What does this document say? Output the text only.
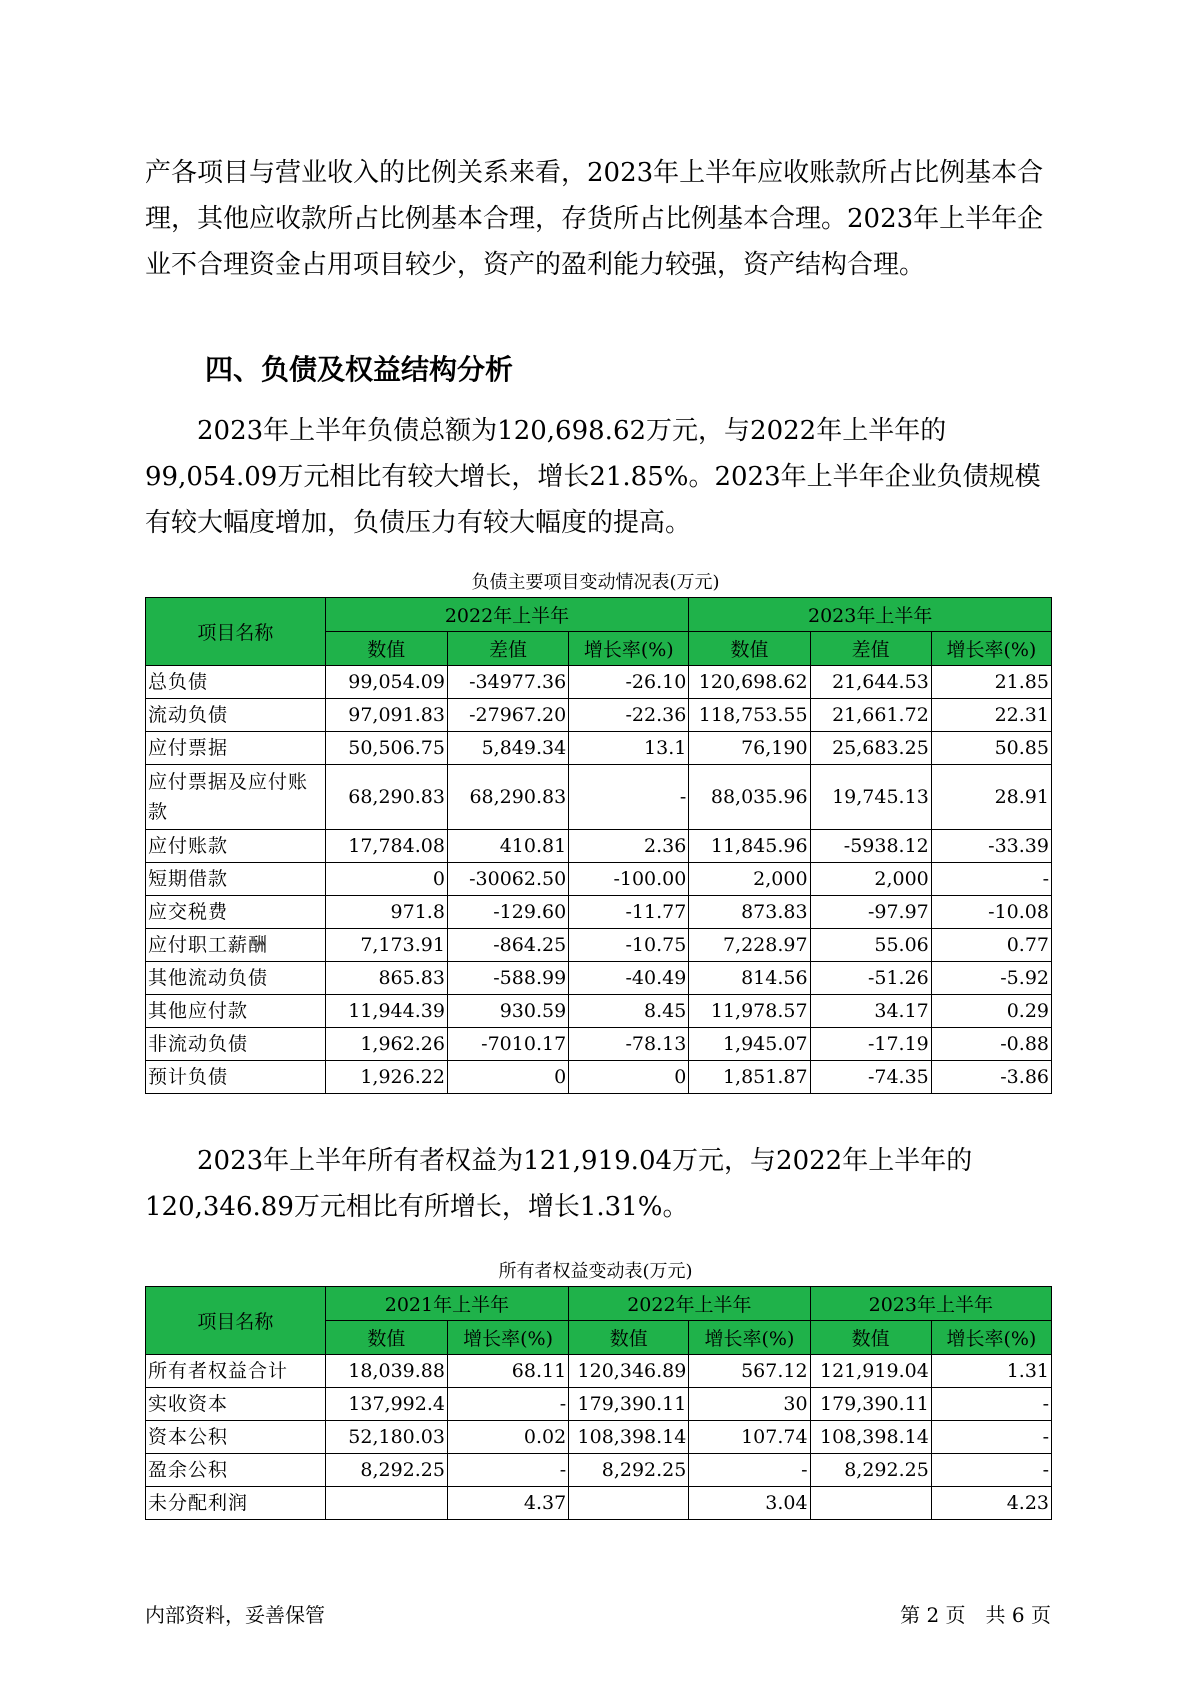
产各项目与营业收入的比例关系来看，2023年上半年应收账款所占比例基本合理，其他应收款所占比例基本合理，存货所占比例基本合理。2023年上半年企业不合理资金占用项目较少，资产的盈利能力较强，资产结构合理。

四、负债及权益结构分析

2023年上半年负债总额为120,698.62万元，与2022年上半年的99,054.09万元相比有较大增长，增长21.85%。2023年上半年企业负债规模有较大幅度增加，负债压力有较大幅度的提高。

负债主要项目变动情况表(万元)
项目名称	2022年上半年			2023年上半年		
	数值	差值	增长率(%)	数值	差值	增长率(%)
总负债	99,054.09	-34977.36	-26.10	120,698.62	21,644.53	21.85
流动负债	97,091.83	-27967.20	-22.36	118,753.55	21,661.72	22.31
应付票据	50,506.75	5,849.34	13.1	76,190	25,683.25	50.85
应付票据及应付账款	68,290.83	68,290.83	-	88,035.96	19,745.13	28.91
应付账款	17,784.08	410.81	2.36	11,845.96	-5938.12	-33.39
短期借款	0	-30062.50	-100.00	2,000	2,000	-
应交税费	971.8	-129.60	-11.77	873.83	-97.97	-10.08
应付职工薪酬	7,173.91	-864.25	-10.75	7,228.97	55.06	0.77
其他流动负债	865.83	-588.99	-40.49	814.56	-51.26	-5.92
其他应付款	11,944.39	930.59	8.45	11,978.57	34.17	0.29
非流动负债	1,962.26	-7010.17	-78.13	1,945.07	-17.19	-0.88
预计负债	1,926.22	0	0	1,851.87	-74.35	-3.86

2023年上半年所有者权益为121,919.04万元，与2022年上半年的120,346.89万元相比有所增长，增长1.31%。

所有者权益变动表(万元)
项目名称	2021年上半年		2022年上半年		2023年上半年	
	数值	增长率(%)	数值	增长率(%)	数值	增长率(%)
所有者权益合计	18,039.88	68.11	120,346.89	567.12	121,919.04	1.31
实收资本	137,992.4	-	179,390.11	30	179,390.11	-
资本公积	52,180.03	0.02	108,398.14	107.74	108,398.14	-
盈余公积	8,292.25	-	8,292.25	-	8,292.25	-
未分配利润		4.37		3.04		4.23
内部资料，妥善保管	第 2 页　共 6 页
